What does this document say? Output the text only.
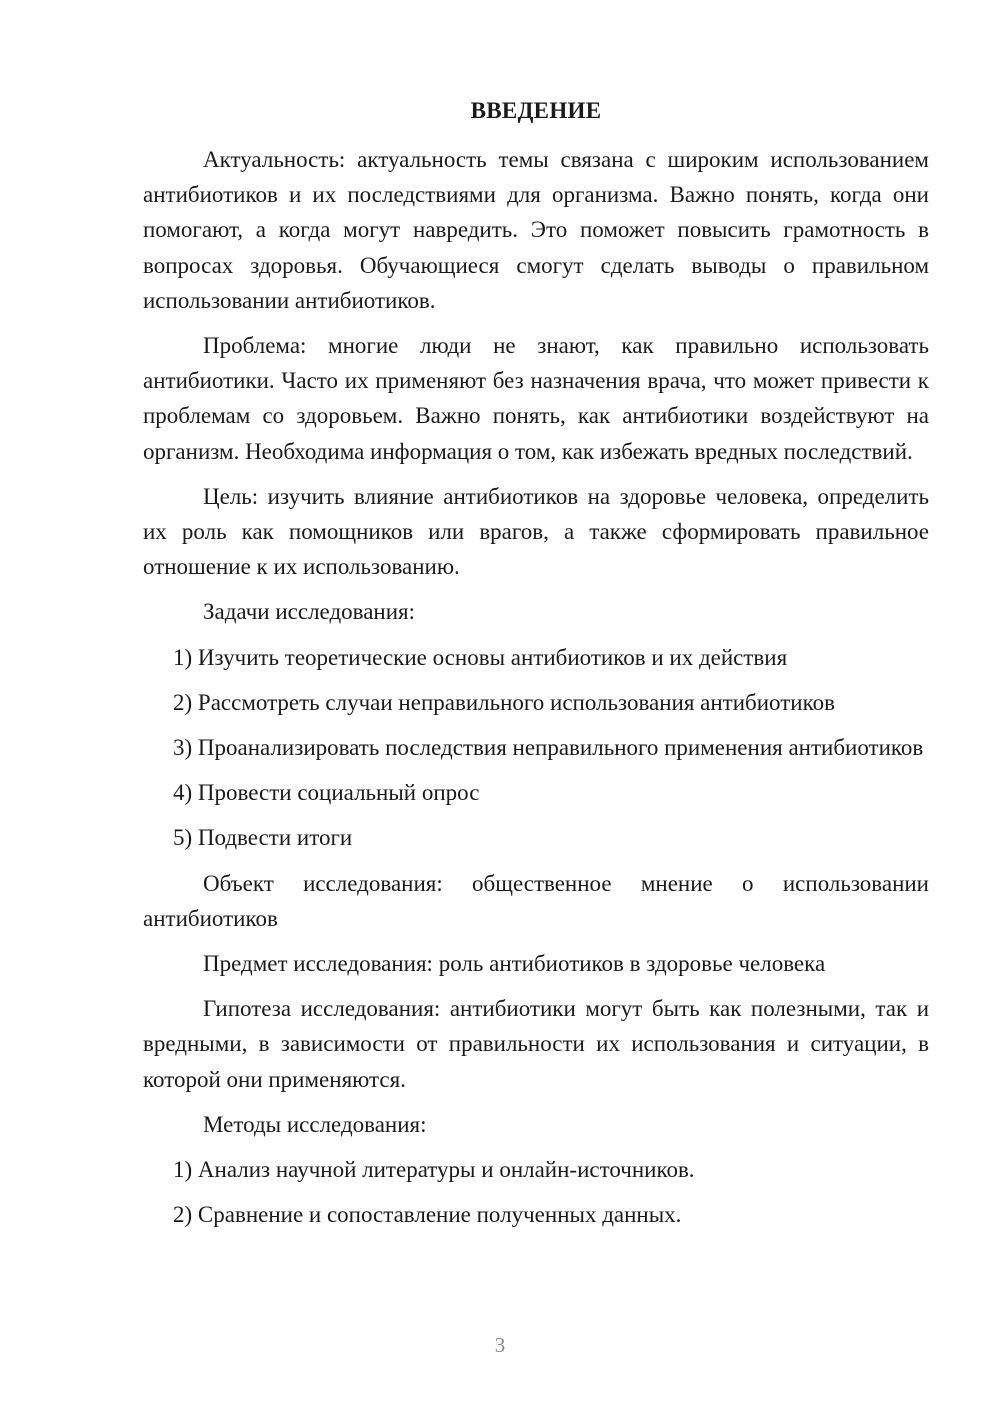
ВВЕДЕНИЕ

Актуальность: актуальность темы связана с широким использованием антибиотиков и их последствиями для организма. Важно понять, когда они помогают, а когда могут навредить. Это поможет повысить грамотность в вопросах здоровья. Обучающиеся смогут сделать выводы о правильном использовании антибиотиков.

Проблема: многие люди не знают, как правильно использовать антибиотики. Часто их применяют без назначения врача, что может привести к проблемам со здоровьем. Важно понять, как антибиотики воздействуют на организм. Необходима информация о том, как избежать вредных последствий.

Цель: изучить влияние антибиотиков на здоровье человека, определить их роль как помощников или врагов, а также сформировать правильное отношение к их использованию.

Задачи исследования:

1) Изучить теоретические основы антибиотиков и их действия

2) Рассмотреть случаи неправильного использования антибиотиков

3) Проанализировать последствия неправильного применения антибиотиков

4) Провести социальный опрос

5) Подвести итоги

Объект исследования: общественное мнение о использовании антибиотиков

Предмет исследования: роль антибиотиков в здоровье человека

Гипотеза исследования: антибиотики могут быть как полезными, так и вредными, в зависимости от правильности их использования и ситуации, в которой они применяются.

Методы исследования:

1) Анализ научной литературы и онлайн-источников.

2) Сравнение и сопоставление полученных данных.

3
